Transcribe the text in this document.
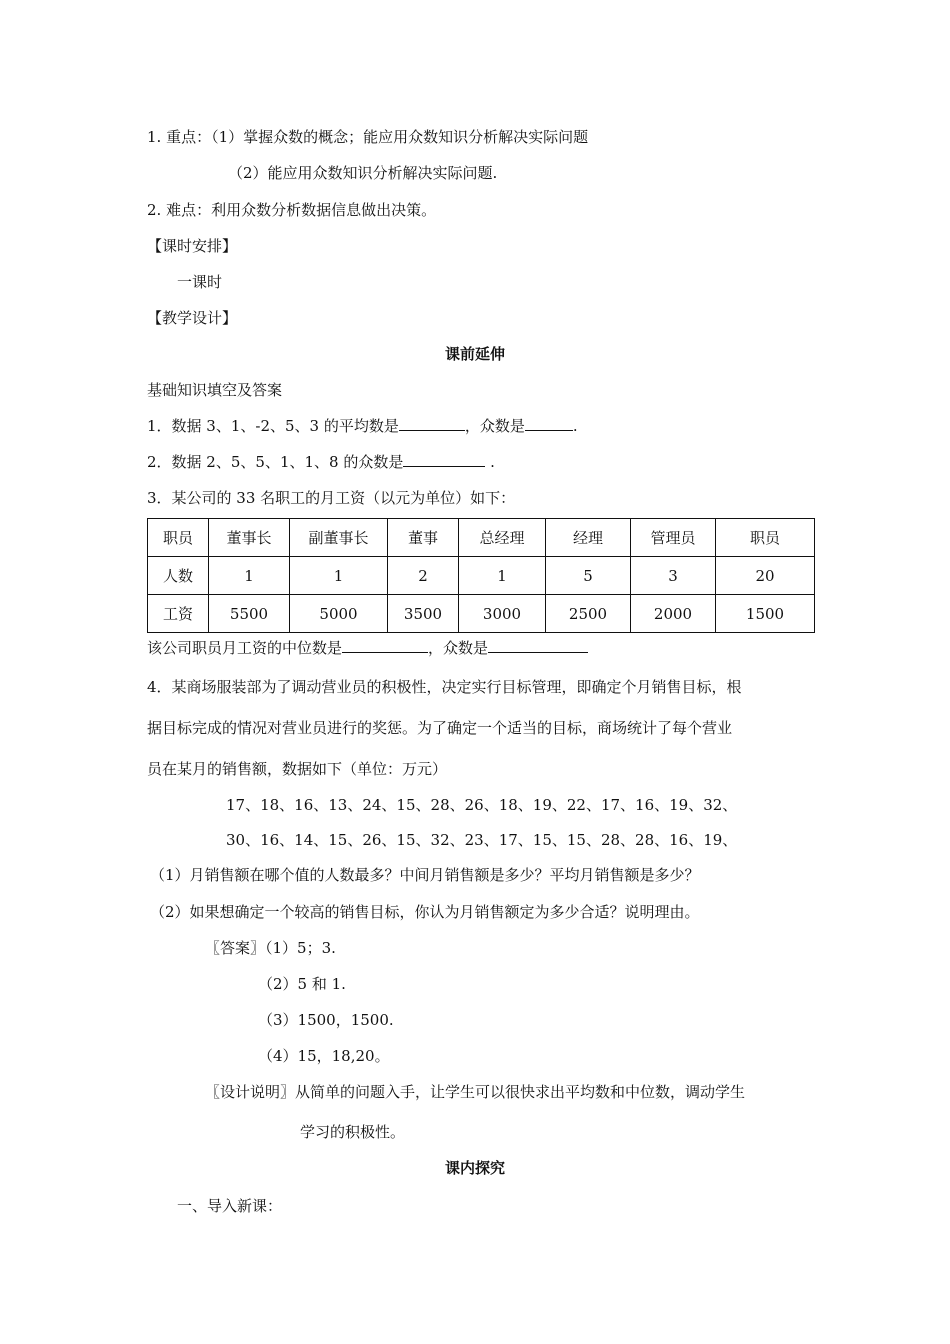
1. 重点：（1）掌握众数的概念；能应用众数知识分析解决实际问题
（2）能应用众数知识分析解决实际问题.
2. 难点：利用众数分析数据信息做出决策。
【课时安排】
一课时
【教学设计】
课前延伸
基础知识填空及答案
1．数据 3、1、-2、5、3 的平均数是	，众数是	.
2．数据 2、5、5、1、1、8 的众数是	.
3．某公司的 33 名职工的月工资（以元为单位）如下：
职员	董事长	副董事长	董事	总经理	经理	管理员	职员
人数	1	1	2	1	5	3	20
工资	5500	5000	3500	3000	2500	2000	1500
该公司职员月工资的中位数是	，众数是
4．某商场服装部为了调动营业员的积极性，决定实行目标管理，即确定个月销售目标，根
据目标完成的情况对营业员进行的奖惩。为了确定一个适当的目标，商场统计了每个营业
员在某月的销售额，数据如下（单位：万元）
17、18、16、13、24、15、28、26、18、19、22、17、16、19、32、
30、16、14、15、26、15、32、23、17、15、15、28、28、16、19、
（1）月销售额在哪个值的人数最多？中间月销售额是多少？平均月销售额是多少？
（2）如果想确定一个较高的销售目标，你认为月销售额定为多少合适？说明理由。
〖答案〗（1）5；3.
（2）5 和 1.
（3）1500，1500.
（4）15，18,20。
〖设计说明〗从简单的问题入手，让学生可以很快求出平均数和中位数，调动学生
学习的积极性。
课内探究
一、导入新课：
